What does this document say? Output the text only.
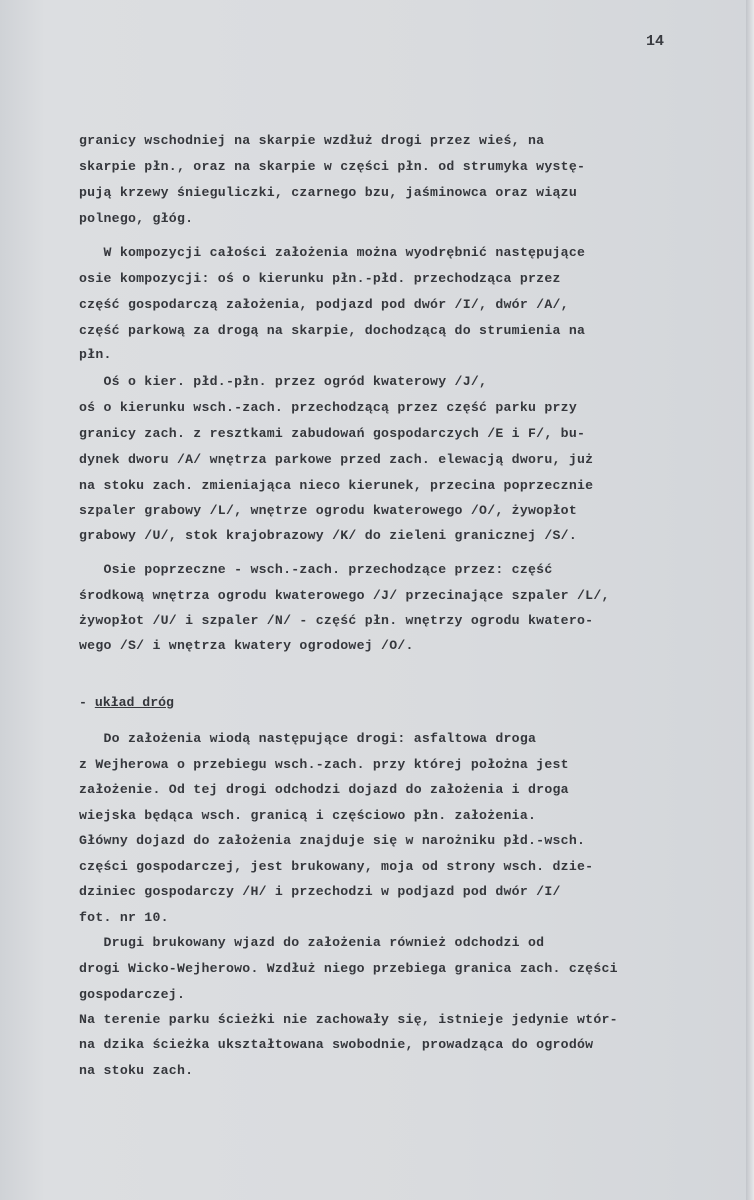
14
granicy wschodniej na skarpie wzdłuż drogi przez wieś, na
skarpie płn., oraz na skarpie w części płn. od strumyka wystę-
pują krzewy śnieguliczki, czarnego bzu, jaśminowca oraz wiązu
polnego, głóg.
W kompozycji całości założenia można wyodrębnić następujące
osie kompozycji: oś o kierunku płn.-płd. przechodząca przez
część gospodarczą założenia, podjazd pod dwór /I/, dwór /A/,
część parkową za drogą na skarpie, dochodzącą do strumienia na
płn.
Oś o kier. płd.-płn. przez ogród kwaterowy /J/,
oś o kierunku wsch.-zach. przechodzącą przez część parku przy
granicy zach. z resztkami zabudowań gospodarczych /E i F/, bu-
dynek dworu /A/ wnętrza parkowe przed zach. elewacją dworu, już
na stoku zach. zmieniająca nieco kierunek, przecina poprzecznie
szpaler grabowy /L/, wnętrze ogrodu kwaterowego /O/, żywopłot
grabowy /U/, stok krajobrazowy /K/ do zieleni granicznej /S/.
Osie poprzeczne - wsch.-zach. przechodzące przez: część
środkową wnętrza ogrodu kwaterowego /J/ przecinające szpaler /L/,
żywopłot /U/ i szpaler /N/ - część płn. wnętrzy ogrodu kwatero-
wego /S/ i wnętrza kwatery ogrodowej /O/.
- układ dróg
Do założenia wiodą następujące drogi: asfaltowa droga
z Wejherowa o przebiegu wsch.-zach. przy której położna jest
założenie. Od tej drogi odchodzi dojazd do założenia i droga
wiejska będąca wsch. granicą i częściowo płn. założenia.
Główny dojazd do założenia znajduje się w narożniku płd.-wsch.
części gospodarczej, jest brukowany, moja od strony wsch. dzie-
dziniec gospodarczy /H/ i przechodzi w podjazd pod dwór /I/
fot. nr 10.
Drugi brukowany wjazd do założenia również odchodzi od
drogi Wicko-Wejherowo. Wzdłuż niego przebiega granica zach. części
gospodarczej.
Na terenie parku ścieżki nie zachowały się, istnieje jedynie wtór-
na dzika ścieżka ukształtowana swobodnie, prowadząca do ogrodów
na stoku zach.
